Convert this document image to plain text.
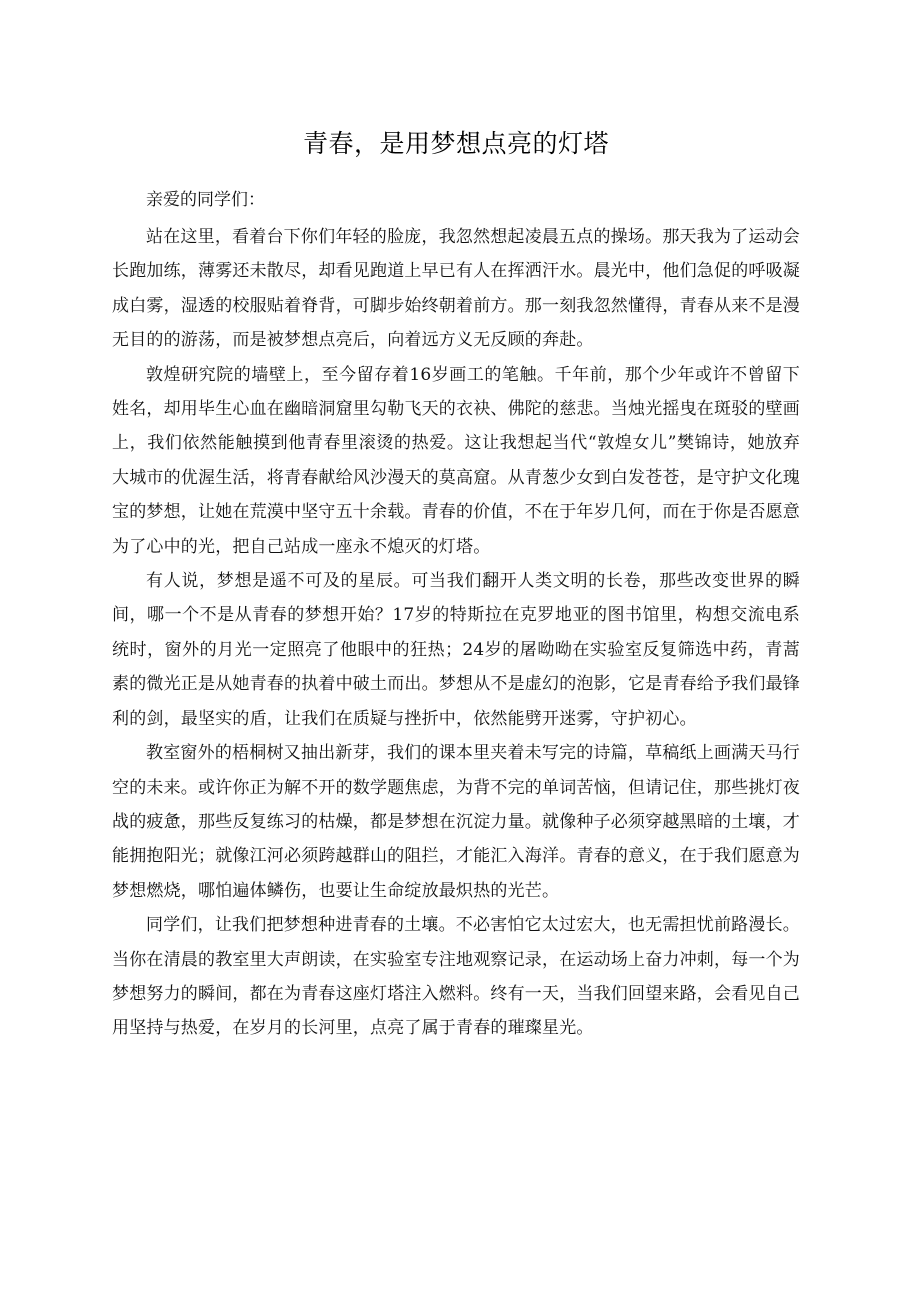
青春，是用梦想点亮的灯塔

亲爱的同学们：

站在这里，看着台下你们年轻的脸庞，我忽然想起凌晨五点的操场。那天我为了运动会长跑加练，薄雾还未散尽，却看见跑道上早已有人在挥洒汗水。晨光中，他们急促的呼吸凝成白雾，湿透的校服贴着脊背，可脚步始终朝着前方。那一刻我忽然懂得，青春从来不是漫无目的的游荡，而是被梦想点亮后，向着远方义无反顾的奔赴。

敦煌研究院的墙壁上，至今留存着16岁画工的笔触。千年前，那个少年或许不曾留下姓名，却用毕生心血在幽暗洞窟里勾勒飞天的衣袂、佛陀的慈悲。当烛光摇曳在斑驳的壁画上，我们依然能触摸到他青春里滚烫的热爱。这让我想起当代“敦煌女儿”樊锦诗，她放弃大城市的优渥生活，将青春献给风沙漫天的莫高窟。从青葱少女到白发苍苍，是守护文化瑰宝的梦想，让她在荒漠中坚守五十余载。青春的价值，不在于年岁几何，而在于你是否愿意为了心中的光，把自己站成一座永不熄灭的灯塔。

有人说，梦想是遥不可及的星辰。可当我们翻开人类文明的长卷，那些改变世界的瞬间，哪一个不是从青春的梦想开始？17岁的特斯拉在克罗地亚的图书馆里，构想交流电系统时，窗外的月光一定照亮了他眼中的狂热；24岁的屠呦呦在实验室反复筛选中药，青蒿素的微光正是从她青春的执着中破土而出。梦想从不是虚幻的泡影，它是青春给予我们最锋利的剑，最坚实的盾，让我们在质疑与挫折中，依然能劈开迷雾，守护初心。

教室窗外的梧桐树又抽出新芽，我们的课本里夹着未写完的诗篇，草稿纸上画满天马行空的未来。或许你正为解不开的数学题焦虑，为背不完的单词苦恼，但请记住，那些挑灯夜战的疲惫，那些反复练习的枯燥，都是梦想在沉淀力量。就像种子必须穿越黑暗的土壤，才能拥抱阳光；就像江河必须跨越群山的阻拦，才能汇入海洋。青春的意义，在于我们愿意为梦想燃烧，哪怕遍体鳞伤，也要让生命绽放最炽热的光芒。

同学们，让我们把梦想种进青春的土壤。不必害怕它太过宏大，也无需担忧前路漫长。当你在清晨的教室里大声朗读，在实验室专注地观察记录，在运动场上奋力冲刺，每一个为梦想努力的瞬间，都在为青春这座灯塔注入燃料。终有一天，当我们回望来路，会看见自己用坚持与热爱，在岁月的长河里，点亮了属于青春的璀璨星光。
